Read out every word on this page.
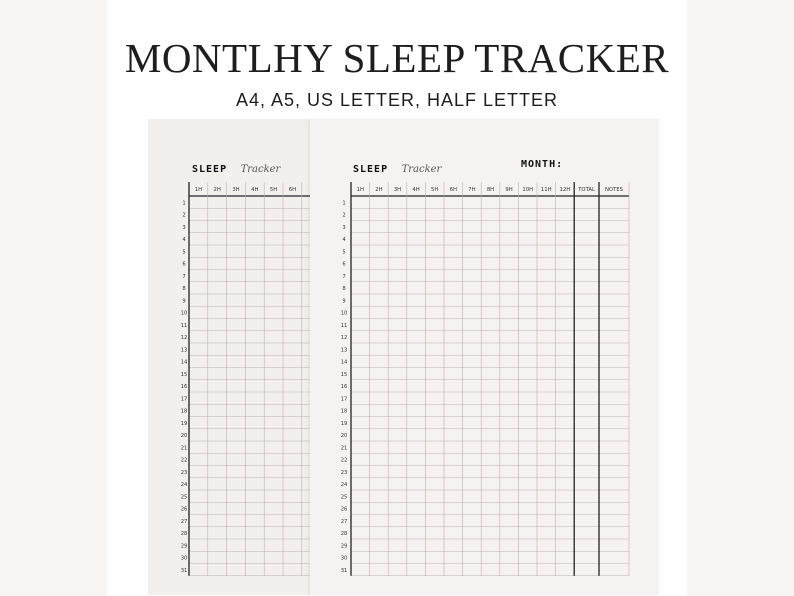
MONTLHY SLEEP TRACKER
A4, A5, US LETTER, HALF LETTER
SLEEP Tracker
1H 2H 3H 4H 5H 6H
1
2
3
4
5
6
7
8
9
10
11
12
13
14
15
16
17
18
19
20
21
22
23
24
25
26
27
28
29
30
31
SLEEP Tracker	MONTH:
1H 2H 3H 4H 5H 6H 7H 8H 9H 10H 11H 12H TOTAL NOTES
1
2
3
4
5
6
7
8
9
10
11
12
13
14
15
16
17
18
19
20
21
22
23
24
25
26
27
28
29
30
31
